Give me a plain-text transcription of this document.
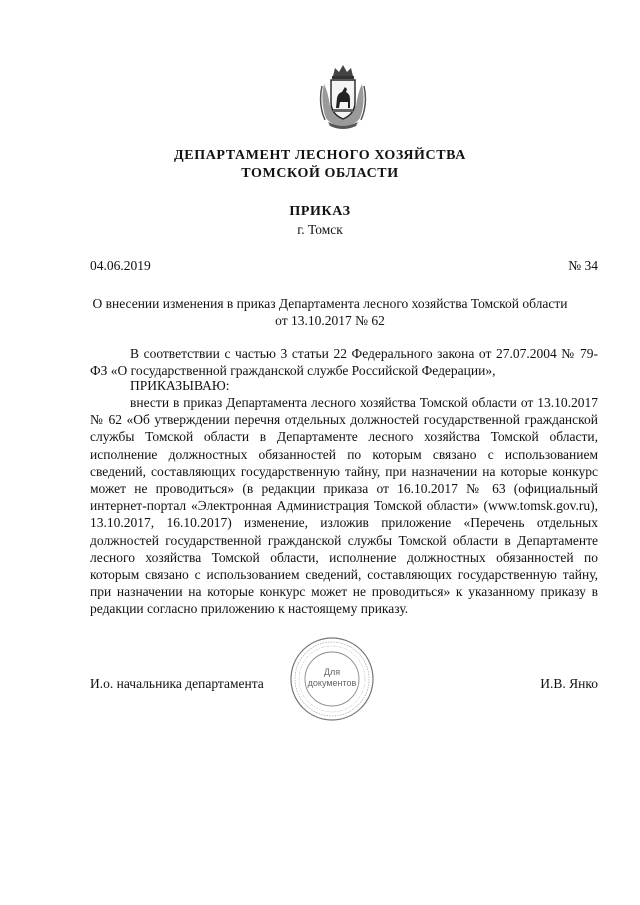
ДЕПАРТАМЕНТ ЛЕСНОГО ХОЗЯЙСТВА
ТОМСКОЙ ОБЛАСТИ
ПРИКАЗ
г. Томск
04.06.2019	№ 34
О внесении изменения в приказ Департамента лесного хозяйства Томской области
от 13.10.2017 № 62
В соответствии с частью 3 статьи 22 Федерального закона от 27.07.2004 № 79-ФЗ «О государственной гражданской службе Российской Федерации»,
ПРИКАЗЫВАЮ:
внести в приказ Департамента лесного хозяйства Томской области от 13.10.2017 № 62 «Об утверждении перечня отдельных должностей государственной гражданской службы Томской области в Департаменте лесного хозяйства Томской области, исполнение должностных обязанностей по которым связано с использованием сведений, составляющих государственную тайну, при назначении на которые конкурс может не проводиться» (в редакции приказа от 16.10.2017 № 63 (официальный интернет-портал «Электронная Администрация Томской области» (www.tomsk.gov.ru), 13.10.2017, 16.10.2017) изменение, изложив приложение «Перечень отдельных должностей государственной гражданской службы Томской области в Департаменте лесного хозяйства Томской области, исполнение должностных обязанностей по которым связано с использованием сведений, составляющих государственную тайну, при назначении на которые конкурс может не проводиться» к указанному приказу в редакции согласно приложению к настоящему приказу.
И.о. начальника департамента
Для
документов	И.В. Янко
